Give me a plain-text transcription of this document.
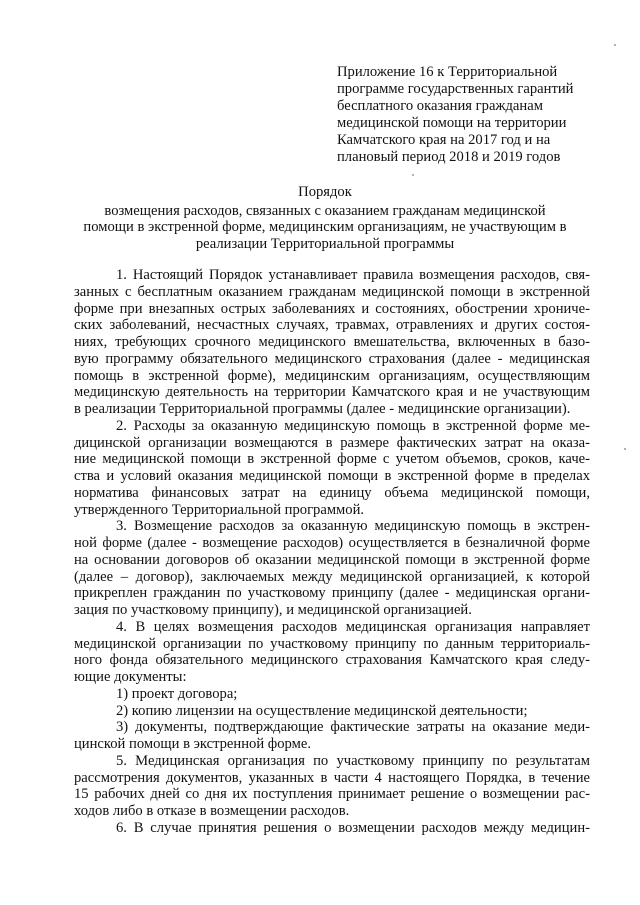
Приложение 16 к Территориальной
программе государственных гарантий
бесплатного оказания гражданам
медицинской помощи на территории
Камчатского края на 2017 год и на
плановый период 2018 и 2019 годов
Порядок
возмещения расходов, связанных с оказанием гражданам медицинской
помощи в экстренной форме, медицинским организациям, не участвующим в
реализации Территориальной программы
1. Настоящий Порядок устанавливает правила возмещения расходов, свя-
занных с бесплатным оказанием гражданам медицинской помощи в экстренной
форме при внезапных острых заболеваниях и состояниях, обострении хрониче-
ских заболеваний, несчастных случаях, травмах, отравлениях и других состоя-
ниях, требующих срочного медицинского вмешательства, включенных в базо-
вую программу обязательного медицинского страхования (далее - медицинская
помощь в экстренной форме), медицинским организациям, осуществляющим
медицинскую деятельность на территории Камчатского края и не участвующим
в реализации Территориальной программы (далее - медицинские организации).
2. Расходы за оказанную медицинскую помощь в экстренной форме ме-
дицинской организации возмещаются в размере фактических затрат на оказа-
ние медицинской помощи в экстренной форме с учетом объемов, сроков, каче-
ства и условий оказания медицинской помощи в экстренной форме в пределах
норматива финансовых затрат на единицу объема медицинской помощи,
утвержденного Территориальной программой.
3. Возмещение расходов за оказанную медицинскую помощь в экстрен-
ной форме (далее - возмещение расходов) осуществляется в безналичной форме
на основании договоров об оказании медицинской помощи в экстренной форме
(далее – договор), заключаемых между медицинской организацией, к которой
прикреплен гражданин по участковому принципу (далее - медицинская органи-
зация по участковому принципу), и медицинской организацией.
4. В целях возмещения расходов медицинская организация направляет
медицинской организации по участковому принципу по данным территориаль-
ного фонда обязательного медицинского страхования Камчатского края следу-
ющие документы:
1) проект договора;
2) копию лицензии на осуществление медицинской деятельности;
3) документы, подтверждающие фактические затраты на оказание меди-
цинской помощи в экстренной форме.
5. Медицинская организация по участковому принципу по результатам
рассмотрения документов, указанных в части 4 настоящего Порядка, в течение
15 рабочих дней со дня их поступления принимает решение о возмещении рас-
ходов либо в отказе в возмещении расходов.
6. В случае принятия решения о возмещении расходов между медицин-
